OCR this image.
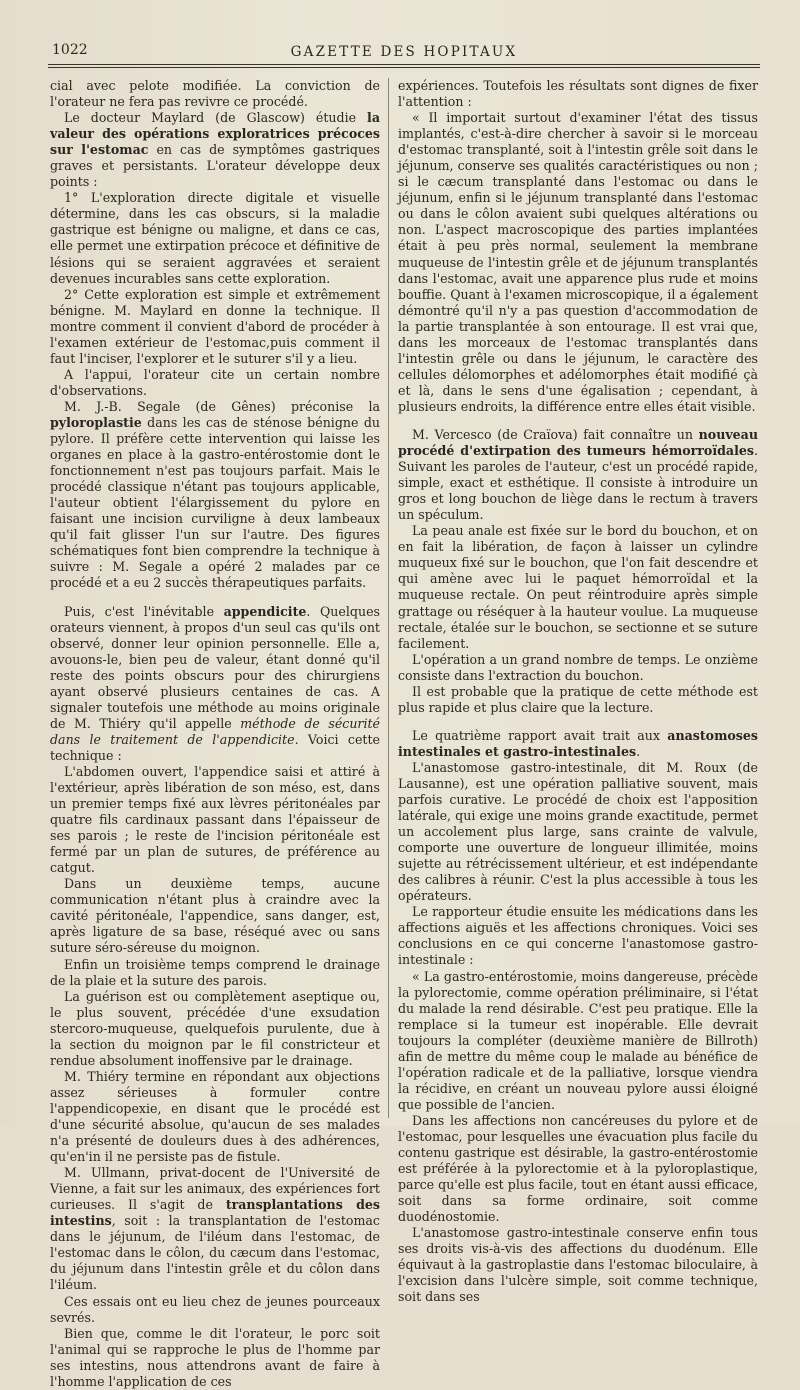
1022	GAZETTE DES HOPITAUX

cial avec pelote modifiée. La conviction de l'orateur ne fera pas revivre ce procédé.

Le docteur Maylard (de Glascow) étudie la valeur des opérations exploratrices précoces sur l'estomac en cas de symptômes gastriques graves et persistants. L'orateur développe deux points :

1° L'exploration directe digitale et visuelle détermine, dans les cas obscurs, si la maladie gastrique est bénigne ou maligne, et dans ce cas, elle permet une extirpation précoce et définitive de lésions qui se seraient aggravées et seraient devenues incurables sans cette exploration.

2° Cette exploration est simple et extrêmement bénigne. M. Maylard en donne la technique. Il montre comment il convient d'abord de procéder à l'examen extérieur de l'estomac,puis comment il faut l'inciser, l'explorer et le suturer s'il y a lieu.

A l'appui, l'orateur cite un certain nombre d'observations.

M. J.-B. Segale (de Gênes) préconise la pyloroplastie dans les cas de sténose bénigne du pylore. Il préfère cette intervention qui laisse les organes en place à la gastro-entérostomie dont le fonctionnement n'est pas toujours parfait. Mais le procédé classique n'étant pas toujours applicable, l'auteur obtient l'élargissement du pylore en faisant une incision curviligne à deux lambeaux qu'il fait glisser l'un sur l'autre. Des figures schématiques font bien comprendre la technique à suivre : M. Segale a opéré 2 malades par ce procédé et a eu 2 succès thérapeutiques parfaits.

Puis, c'est l'inévitable appendicite. Quelques orateurs viennent, à propos d'un seul cas qu'ils ont observé, donner leur opinion personnelle. Elle a, avouons-le, bien peu de valeur, étant donné qu'il reste des points obscurs pour des chirurgiens ayant observé plusieurs centaines de cas. A signaler toutefois une méthode au moins originale de M. Thiéry qu'il appelle méthode de sécurité dans le traitement de l'appendicite. Voici cette technique :

L'abdomen ouvert, l'appendice saisi et attiré à l'extérieur, après libération de son méso, est, dans un premier temps fixé aux lèvres péritonéales par quatre fils cardinaux passant dans l'épaisseur de ses parois ; le reste de l'incision péritonéale est fermé par un plan de sutures, de préférence au catgut.

Dans un deuxième temps, aucune communication n'étant plus à craindre avec la cavité péritonéale, l'appendice, sans danger, est, après ligature de sa base, réséqué avec ou sans suture séro-séreuse du moignon.

Enfin un troisième temps comprend le drainage de la plaie et la suture des parois.

La guérison est ou complètement aseptique ou, le plus souvent, précédée d'une exsudation stercoro-muqueuse, quelquefois purulente, due à la section du moignon par le fil constricteur et rendue absolument inoffensive par le drainage.

M. Thiéry termine en répondant aux objections assez sérieuses à formuler contre l'appendicopexie, en disant que le procédé est d'une sécurité absolue, qu'aucun de ses malades n'a présenté de douleurs dues à des adhérences, qu'en'in il ne persiste pas de fistule.

M. Ullmann, privat-docent de l'Université de Vienne, a fait sur les animaux, des expériences fort curieuses. Il s'agit de transplantations des intestins, soit : la transplantation de l'estomac dans le jéjunum, de l'iléum dans l'estomac, de l'estomac dans le côlon, du cæcum dans l'estomac, du jéjunum dans l'intestin grêle et du côlon dans l'iléum.

Ces essais ont eu lieu chez de jeunes pourceaux sevrés.

Bien que, comme le dit l'orateur, le porc soit l'animal qui se rapproche le plus de l'homme par ses intestins, nous attendrons avant de faire à l'homme l'application de ces

expériences. Toutefois les résultats sont dignes de fixer l'attention :

« Il importait surtout d'examiner l'état des tissus implantés, c'est-à-dire chercher à savoir si le morceau d'estomac transplanté, soit à l'intestin grêle soit dans le jéjunum, conserve ses qualités caractéristiques ou non ; si le cæcum transplanté dans l'estomac ou dans le jéjunum, enfin si le jéjunum transplanté dans l'estomac ou dans le côlon avaient subi quelques altérations ou non. L'aspect macroscopique des parties implantées était à peu près normal, seulement la membrane muqueuse de l'intestin grêle et de jéjunum transplantés dans l'estomac, avait une apparence plus rude et moins bouffie. Quant à l'examen microscopique, il a également démontré qu'il n'y a pas question d'accommodation de la partie transplantée à son entourage. Il est vrai que, dans les morceaux de l'estomac transplantés dans l'intestin grêle ou dans le jéjunum, le caractère des cellules délomorphes et adélomorphes était modifié çà et là, dans le sens d'une égalisation ; cependant, à plusieurs endroits, la différence entre elles était visible.

M. Vercesco (de Craïova) fait connaître un nouveau procédé d'extirpation des tumeurs hémorroïdales. Suivant les paroles de l'auteur, c'est un procédé rapide, simple, exact et esthétique. Il consiste à introduire un gros et long bouchon de liège dans le rectum à travers un spéculum.

La peau anale est fixée sur le bord du bouchon, et on en fait la libération, de façon à laisser un cylindre muqueux fixé sur le bouchon, que l'on fait descendre et qui amène avec lui le paquet hémorroïdal et la muqueuse rectale. On peut réintroduire après simple grattage ou réséquer à la hauteur voulue. La muqueuse rectale, étalée sur le bouchon, se sectionne et se suture facilement.

L'opération a un grand nombre de temps. Le onzième consiste dans l'extraction du bouchon.

Il est probable que la pratique de cette méthode est plus rapide et plus claire que la lecture.

Le quatrième rapport avait trait aux anastomoses intestinales et gastro-intestinales.

L'anastomose gastro-intestinale, dit M. Roux (de Lausanne), est une opération palliative souvent, mais parfois curative. Le procédé de choix est l'apposition latérale, qui exige une moins grande exactitude, permet un accolement plus large, sans crainte de valvule, comporte une ouverture de longueur illimitée, moins sujette au rétrécissement ultérieur, et est indépendante des calibres à réunir. C'est la plus accessible à tous les opérateurs.

Le rapporteur étudie ensuite les médications dans les affections aiguës et les affections chroniques. Voici ses conclusions en ce qui concerne l'anastomose gastro-intestinale :

« La gastro-entérostomie, moins dangereuse, précède la pylorectomie, comme opération préliminaire, si l'état du malade la rend désirable. C'est peu pratique. Elle la remplace si la tumeur est inopérable. Elle devrait toujours la compléter (deuxième manière de Billroth) afin de mettre du même coup le malade au bénéfice de l'opération radicale et de la palliative, lorsque viendra la récidive, en créant un nouveau pylore aussi éloigné que possible de l'ancien.

Dans les affections non cancéreuses du pylore et de l'estomac, pour lesquelles une évacuation plus facile du contenu gastrique est désirable, la gastro-entérostomie est préférée à la pylorectomie et à la pyloroplastique, parce qu'elle est plus facile, tout en étant aussi efficace, soit dans sa forme ordinaire, soit comme duodénostomie.

L'anastomose gastro-intestinale conserve enfin tous ses droits vis-à-vis des affections du duodénum. Elle équivaut à la gastroplastie dans l'estomac biloculaire, à l'excision dans l'ulcère simple, soit comme technique, soit dans ses
